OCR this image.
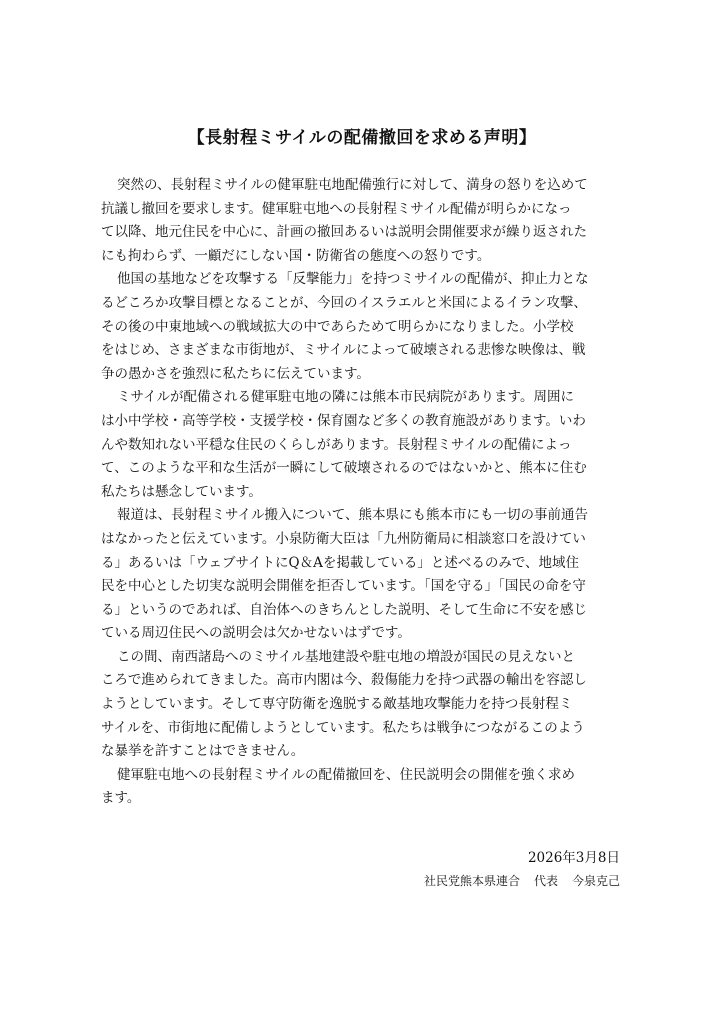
【長射程ミサイルの配備撤回を求める声明】
突然の、長射程ミサイルの健軍駐屯地配備強行に対して、満身の怒りを込めて
抗議し撤回を要求します。健軍駐屯地への長射程ミサイル配備が明らかになっ
て以降、地元住民を中心に、計画の撤回あるいは説明会開催要求が繰り返された
にも拘わらず、一顧だにしない国・防衛省の態度への怒りです。
他国の基地などを攻撃する「反撃能力」を持つミサイルの配備が、抑止力とな
るどころか攻撃目標となることが、今回のイスラエルと米国によるイラン攻撃、
その後の中東地域への戦域拡大の中であらためて明らかになりました。小学校
をはじめ、さまざまな市街地が、ミサイルによって破壊される悲惨な映像は、戦
争の愚かさを強烈に私たちに伝えています。
ミサイルが配備される健軍駐屯地の隣には熊本市民病院があります。周囲に
は小中学校・高等学校・支援学校・保育園など多くの教育施設があります。いわ
んや数知れない平穏な住民のくらしがあります。長射程ミサイルの配備によっ
て、このような平和な生活が一瞬にして破壊されるのではないかと、熊本に住む
私たちは懸念しています。
報道は、長射程ミサイル搬入について、熊本県にも熊本市にも一切の事前通告
はなかったと伝えています。小泉防衛大臣は「九州防衛局に相談窓口を設けてい
る」あるいは「ウェブサイトにQ＆Aを掲載している」と述べるのみで、地域住
民を中心とした切実な説明会開催を拒否しています。「国を守る」「国民の命を守
る」というのであれば、自治体へのきちんとした説明、そして生命に不安を感じ
ている周辺住民への説明会は欠かせないはずです。
この間、南西諸島へのミサイル基地建設や駐屯地の増設が国民の見えないと
ころで進められてきました。高市内閣は今、殺傷能力を持つ武器の輸出を容認し
ようとしています。そして専守防衛を逸脱する敵基地攻撃能力を持つ長射程ミ
サイルを、市街地に配備しようとしています。私たちは戦争につながるこのよう
な暴挙を許すことはできません。
健軍駐屯地への長射程ミサイルの配備撤回を、住民説明会の開催を強く求め
ます。
2026年3月8日
社民党熊本県連合 代表 今泉克己
